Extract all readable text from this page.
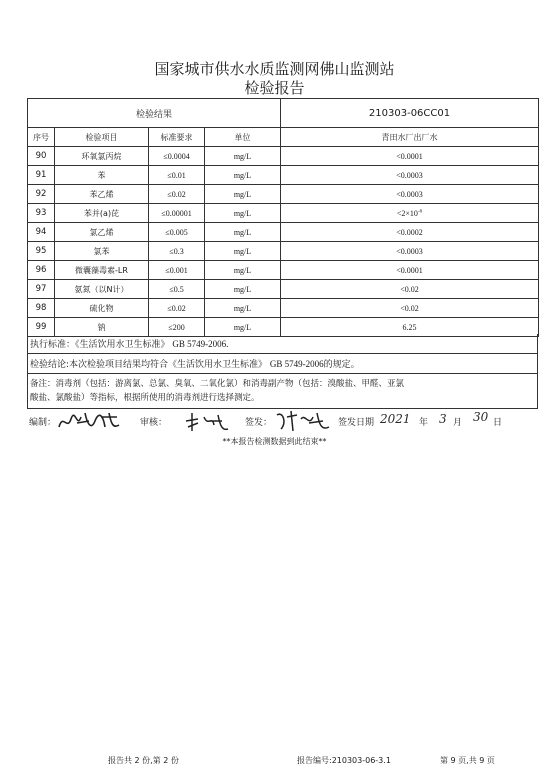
国家城市供水水质监测网佛山监测站
检验报告
检验结果				210303-06CC01
序号	检验项目	标准要求	单位	青田水厂出厂水
90	环氧氯丙烷	≤0.0004	mg/L	<0.0001
91	苯	≤0.01	mg/L	<0.0003
92	苯乙烯	≤0.02	mg/L	<0.0003
93	苯并(a)芘	≤0.00001	mg/L	$<2\times 10^{-6}$
94	氯乙烯	≤0.005	mg/L	<0.0002
95	氯苯	≤0.3	mg/L	<0.0003
96	微囊藻毒素-LR	≤0.001	mg/L	<0.0001
97	氨氮（以N计）	≤0.5	mg/L	<0.02
98	硫化物	≤0.02	mg/L	<0.02
99	钠	≤200	mg/L	6.25
执行标准：《生活饮用水卫生标准》 GB 5749-2006.
检验结论:本次检验项目结果均符合《生活饮用水卫生标准》 GB 5749-2006的规定。
备注：消毒剂（包括：游离氯、总氯、臭氧、二氧化氯）和消毒副产物（包括：溴酸盐、甲醛、亚氯
酸盐、氯酸盐）等指标，根据所使用的消毒剂进行选择测定。
编制：	审核：	签发：	签发日期 2021 年 3 月 30 日
**本报告检测数据到此结束**
报告共 2 份,第 2 份	报告编号:210303-06-3.1	第 9 页,共 9 页
